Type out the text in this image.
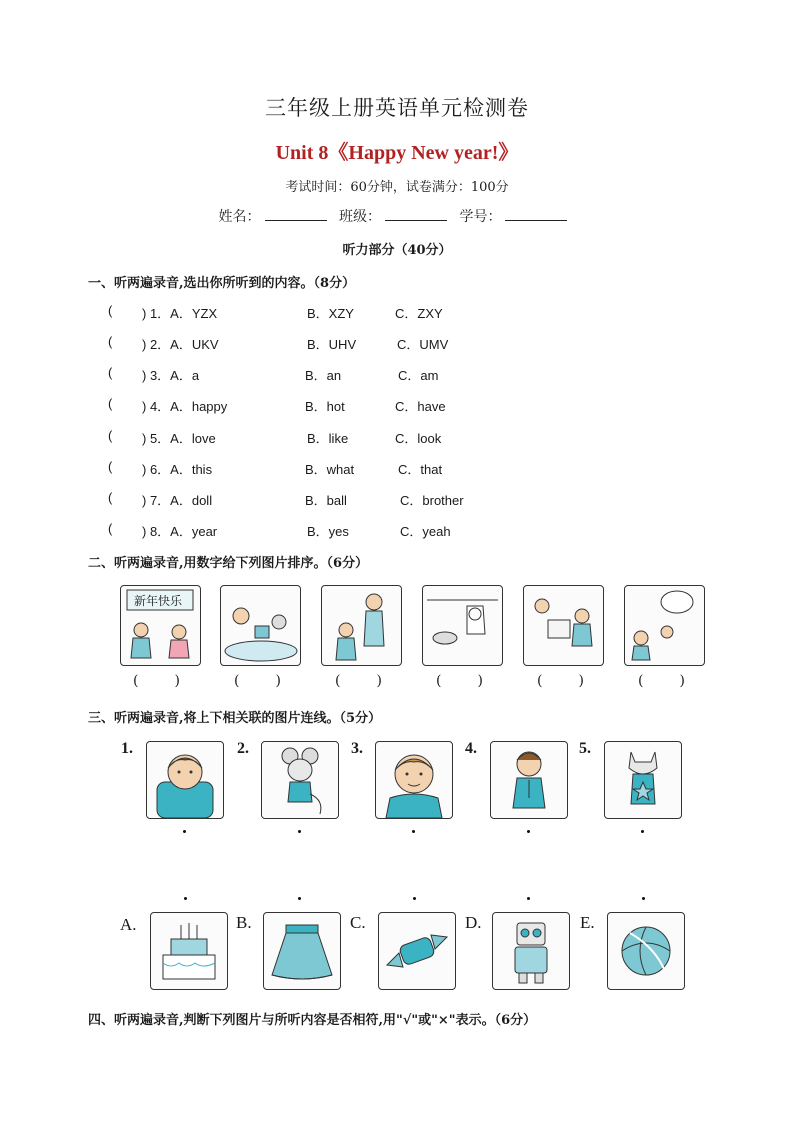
三年级上册英语单元检测卷
Unit 8《Happy New year!》
考试时间：60分钟，试卷满分：100分
姓名：	班级：	学号：
听力部分（40分）
一、听两遍录音,选出你所听到的内容。（8分）
( ) 1．A．YZX	B．XZY	C．ZXY
( ) 2．A．UKV	B．UHV	C．UMV
( ) 3．A．a	B．an	C．am
( ) 4．A．happy	B．hot	C．have
( ) 5．A．love	B．like	C．look
( ) 6．A．this	B．what	C．that
( ) 7．A．doll	B．ball	C．brother
( ) 8．A．year	B．yes	C．yeah
二、听两遍录音,用数字给下列图片排序。（6分）
新年快乐
(	)	(	)	(	)	(	)	(	)	(	)
三、听两遍录音,将上下相关联的图片连线。（5分）
1.	2.	3.	4.	5.
A.	B.	C.	D.	E.
四、听两遍录音,判断下列图片与所听内容是否相符,用"√"或"×"表示。（6分）
